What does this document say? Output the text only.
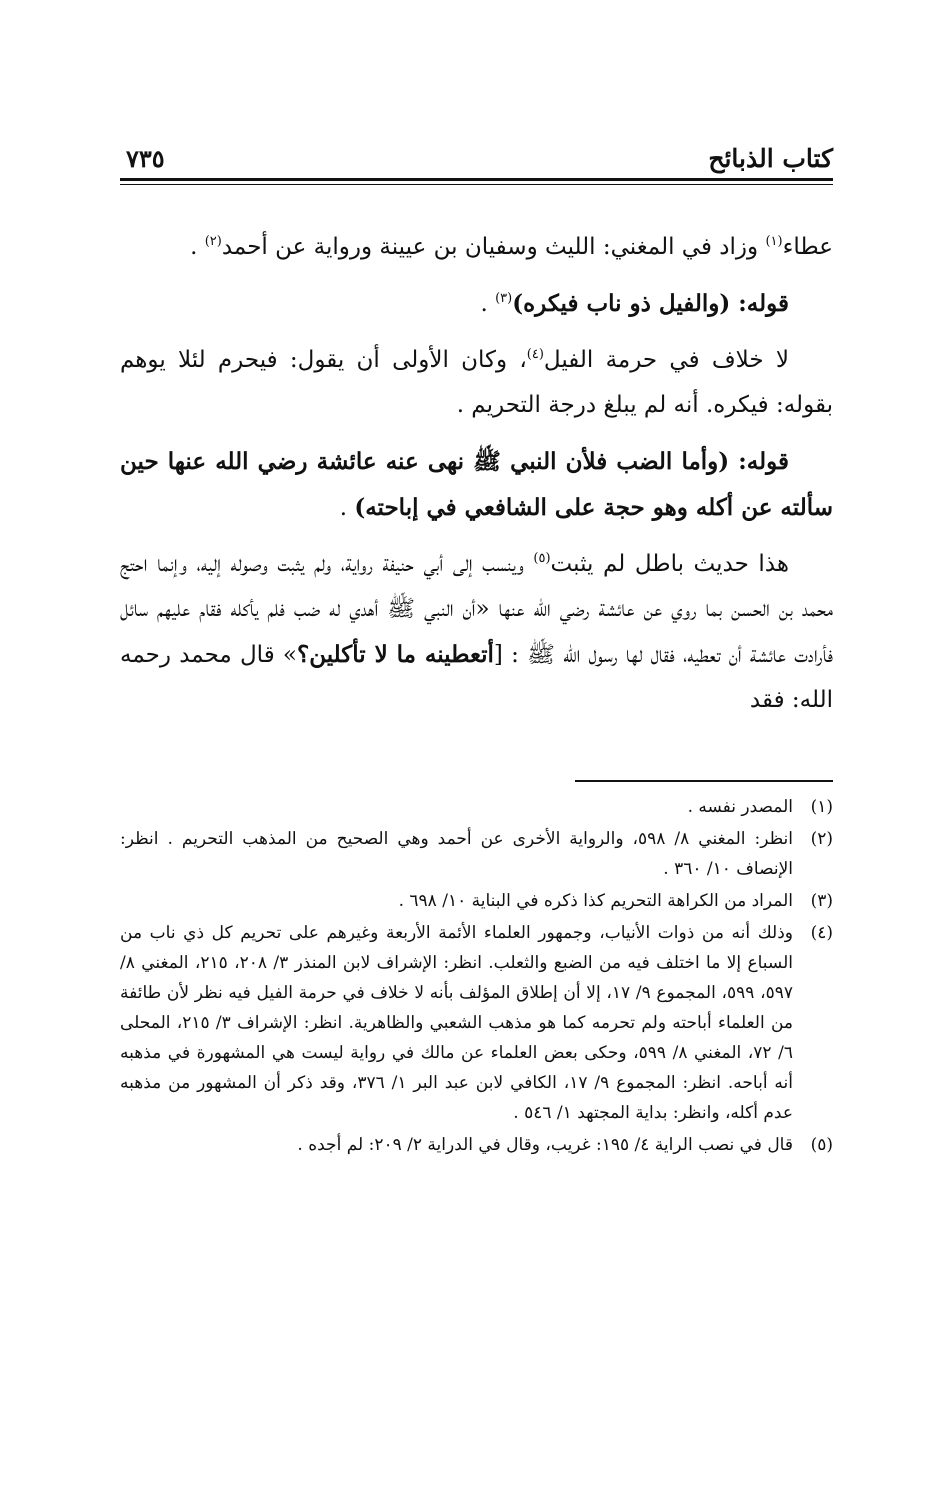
كتاب الذبائح
٧٣٥

عطاء$^{(١)}$ وزاد في المغني: الليث وسفيان بن عيينة ورواية عن أحمد$^{(٢)}$ .

قوله: (والفيل ذو ناب فيكره)$^{(٣)}$ .

لا خلاف في حرمة الفيل$^{(٤)}$، وكان الأولى أن يقول: فيحرم لئلا يوهم بقوله: فيكره. أنه لم يبلغ درجة التحريم .

قوله: (وأما الضب فلأن النبي ﷺ نهى عنه عائشة رضي الله عنها حين سألته عن أكله وهو حجة على الشافعي في إباحته) .

هذا حديث باطل لم يثبت$^{(٥)}$ وينسب إلى أبي حنيفة رواية، ولم يثبت وصوله إليه، وإنما احتج محمد بن الحسن بما روي عن عائشة رضي الله عنها «أن النبي ﷺ أهدي له ضب فلم يأكله فقام عليهم سائل فأرادت عائشة أن تعطيه، فقال لها رسول الله ﷺ : [أتعطينه ما لا تأكلين؟» قال محمد رحمه الله: فقد

(١)
المصدر نفسه .
(٢)
انظر: المغني ٨/ ٥٩٨، والرواية الأخرى عن أحمد وهي الصحيح من المذهب التحريم . انظر: الإنصاف ١٠/ ٣٦٠ .
(٣)
المراد من الكراهة التحريم كذا ذكره في البناية ١٠/ ٦٩٨ .
(٤)
وذلك أنه من ذوات الأنياب، وجمهور العلماء الأئمة الأربعة وغيرهم على تحريم كل ذي ناب من السباع إلا ما اختلف فيه من الضبع والثعلب. انظر: الإشراف لابن المنذر ٣/ ٢٠٨، ٢١٥، المغني ٨/ ٥٩٧، ٥٩٩، المجموع ٩/ ١٧، إلا أن إطلاق المؤلف بأنه لا خلاف في حرمة الفيل فيه نظر لأن طائفة من العلماء أباحته ولم تحرمه كما هو مذهب الشعبي والظاهرية. انظر: الإشراف ٣/ ٢١٥، المحلى ٦/ ٧٢، المغني ٨/ ٥٩٩، وحكى بعض العلماء عن مالك في رواية ليست هي المشهورة في مذهبه أنه أباحه. انظر: المجموع ٩/ ١٧، الكافي لابن عبد البر ١/ ٣٧٦، وقد ذكر أن المشهور من مذهبه عدم أكله، وانظر: بداية المجتهد ١/ ٥٤٦ .
(٥)
قال في نصب الراية ٤/ ١٩٥: غريب، وقال في الدراية ٢/ ٢٠٩: لم أجده .
